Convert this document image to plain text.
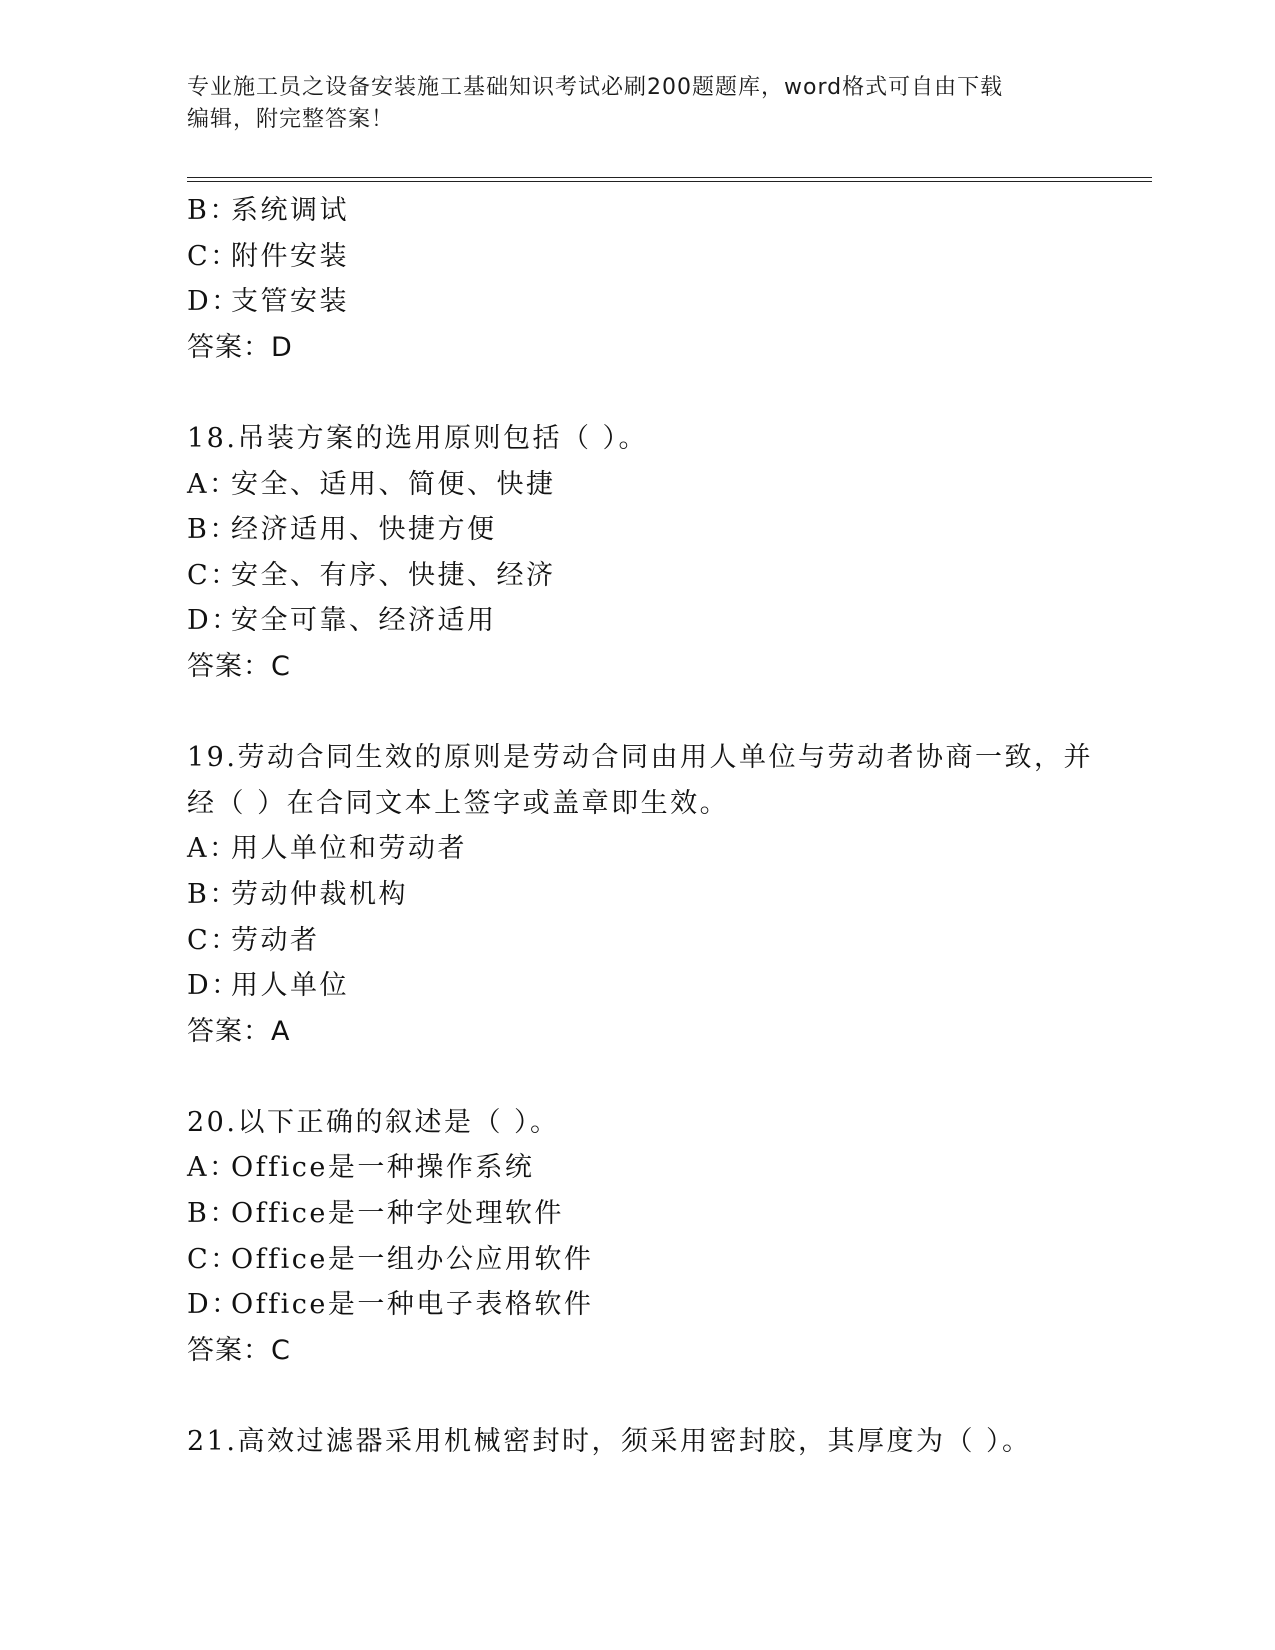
专业施工员之设备安装施工基础知识考试必刷200题题库，word格式可自由下载
编辑，附完整答案！
B：系统调试
C：附件安装
D：支管安装
答案：D
18.吊装方案的选用原则包括（ ）。
A：安全、适用、简便、快捷
B：经济适用、快捷方便
C：安全、有序、快捷、经济
D：安全可靠、经济适用
答案：C
19.劳动合同生效的原则是劳动合同由用人单位与劳动者协商一致，并
经（ ）在合同文本上签字或盖章即生效。
A：用人单位和劳动者
B：劳动仲裁机构
C：劳动者
D：用人单位
答案：A
20.以下正确的叙述是（ ）。
A：Office是一种操作系统
B：Office是一种字处理软件
C：Office是一组办公应用软件
D：Office是一种电子表格软件
答案：C
21.高效过滤器采用机械密封时，须采用密封胶，其厚度为（ ）。
